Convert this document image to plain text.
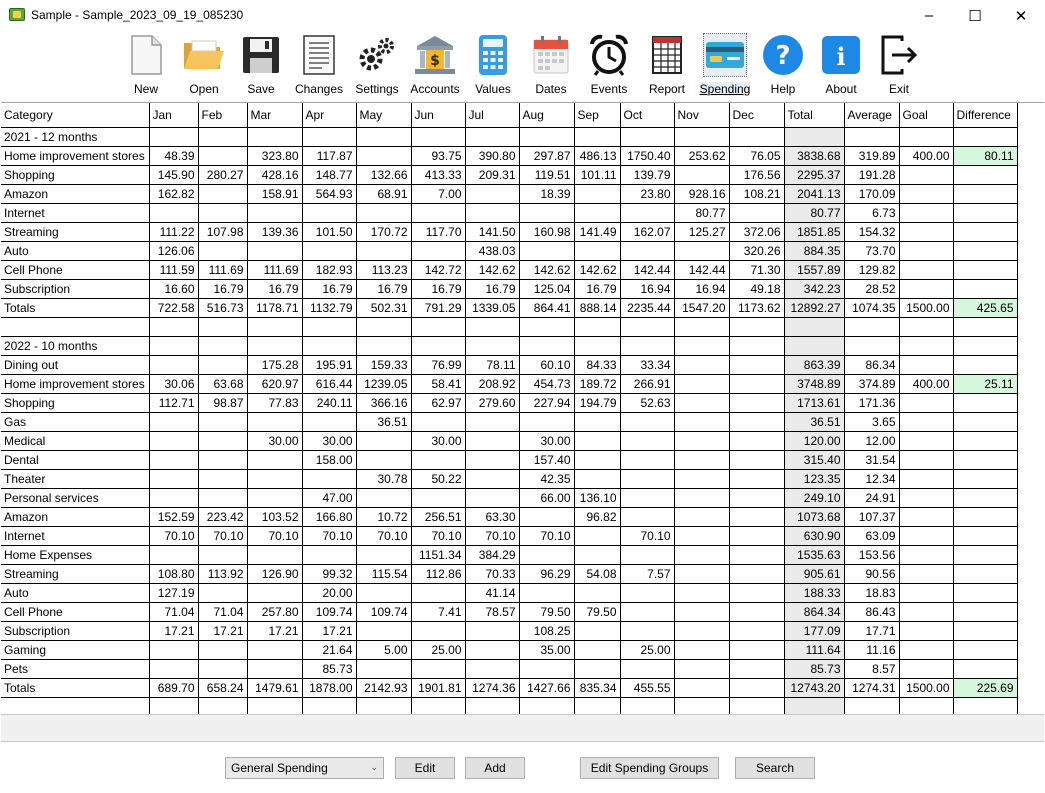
Sample - Sample_2023_09_19_085230	–	☐	✕
New	Open Save Changes Settings
$
Accounts Values Dates Events Report Spending
?
Help
i
About	Exit
Category	Jan	Feb	Mar	Apr	May	Jun	Jul	Aug	Sep	Oct	Nov	Dec	Total	Average	Goal	Difference
2021 - 12 months																
Home improvement stores	48.39		323.80	117.87		93.75	390.80	297.87	486.13	1750.40	253.62	76.05	3838.68	319.89	400.00	80.11
Shopping	145.90	280.27	428.16	148.77	132.66	413.33	209.31	119.51	101.11	139.79		176.56	2295.37	191.28		
Amazon	162.82		158.91	564.93	68.91	7.00		18.39		23.80	928.16	108.21	2041.13	170.09		
Internet											80.77		80.77	6.73		
Streaming	111.22	107.98	139.36	101.50	170.72	117.70	141.50	160.98	141.49	162.07	125.27	372.06	1851.85	154.32		
Auto	126.06						438.03					320.26	884.35	73.70		
Cell Phone	111.59	111.69	111.69	182.93	113.23	142.72	142.62	142.62	142.62	142.44	142.44	71.30	1557.89	129.82		
Subscription	16.60	16.79	16.79	16.79	16.79	16.79	16.79	125.04	16.79	16.94	16.94	49.18	342.23	28.52		
Totals	722.58	516.73	1178.71	1132.79	502.31	791.29	1339.05	864.41	888.14	2235.44	1547.20	1173.62	12892.27	1074.35	1500.00	425.65

2022 - 10 months																
Dining out			175.28	195.91	159.33	76.99	78.11	60.10	84.33	33.34			863.39	86.34		
Home improvement stores	30.06	63.68	620.97	616.44	1239.05	58.41	208.92	454.73	189.72	266.91			3748.89	374.89	400.00	25.11
Shopping	112.71	98.87	77.83	240.11	366.16	62.97	279.60	227.94	194.79	52.63			1713.61	171.36		
Gas					36.51								36.51	3.65		
Medical			30.00	30.00		30.00		30.00					120.00	12.00		
Dental				158.00				157.40					315.40	31.54		
Theater					30.78	50.22		42.35					123.35	12.34		
Personal services				47.00				66.00	136.10				249.10	24.91		
Amazon	152.59	223.42	103.52	166.80	10.72	256.51	63.30		96.82				1073.68	107.37		
Internet	70.10	70.10	70.10	70.10	70.10	70.10	70.10	70.10		70.10			630.90	63.09		
Home Expenses						1151.34	384.29						1535.63	153.56		
Streaming	108.80	113.92	126.90	99.32	115.54	112.86	70.33	96.29	54.08	7.57			905.61	90.56		
Auto	127.19			20.00			41.14						188.33	18.83		
Cell Phone	71.04	71.04	257.80	109.74	109.74	7.41	78.57	79.50	79.50				864.34	86.43		
Subscription	17.21	17.21	17.21	17.21				108.25					177.09	17.71		
Gaming				21.64	5.00	25.00		35.00		25.00			111.64	11.16		
Pets				85.73									85.73	8.57		
Totals	689.70	658.24	1479.61	1878.00	2142.93	1901.81	1274.36	1427.66	835.34	455.55			12743.20	1274.31	1500.00	225.69

General Spending	⌄	Edit	Add	Edit Spending Groups	Search
